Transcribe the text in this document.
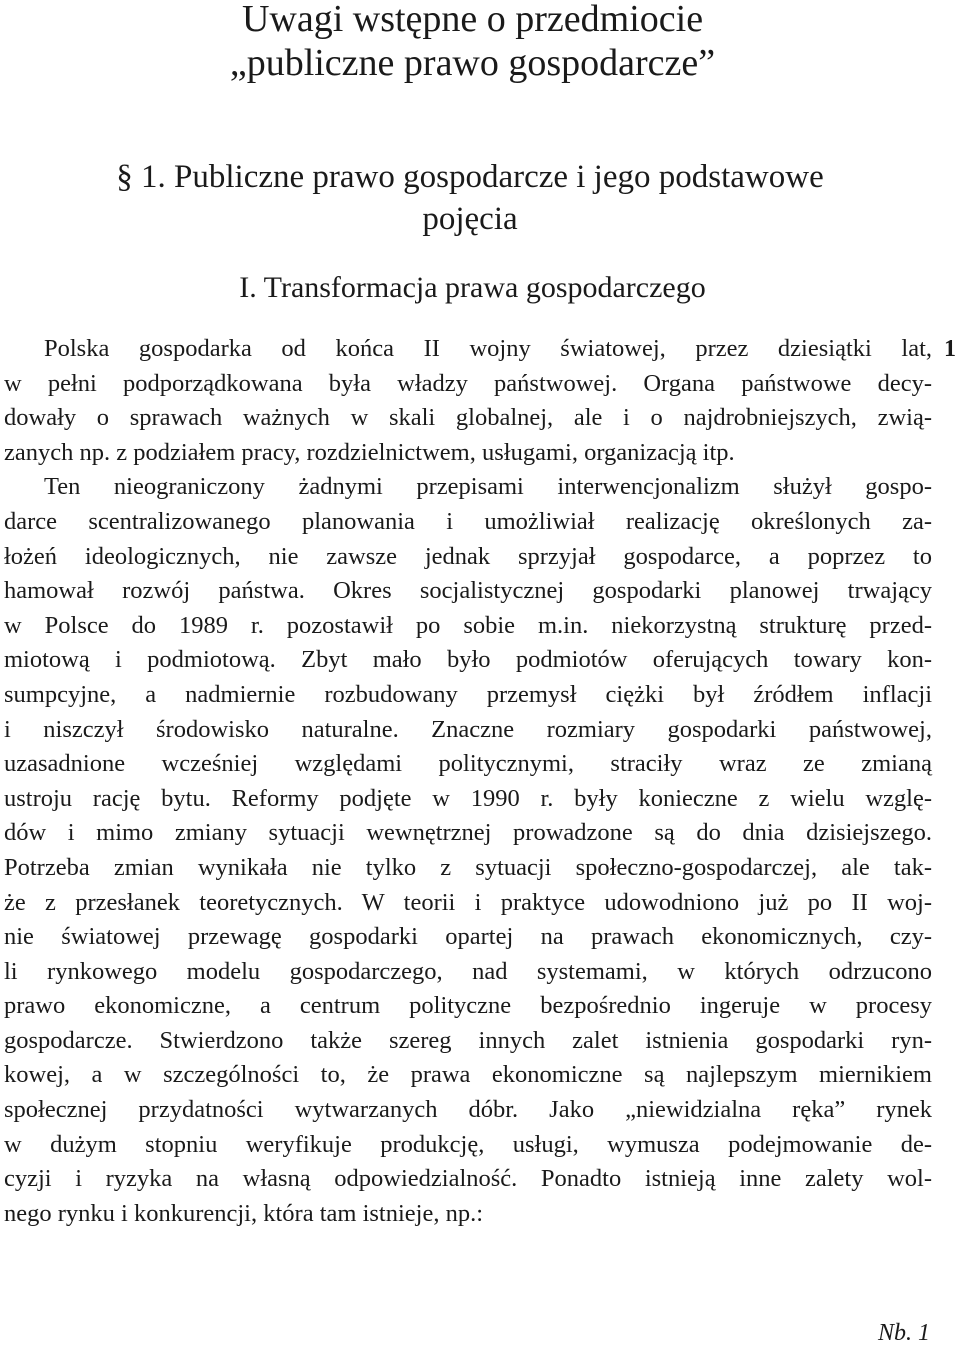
Uwagi wstępne o przedmiocie
„publiczne prawo gospodarcze”
§ 1. Publiczne prawo gospodarcze i jego podstawowe
pojęcia
I. Transformacja prawa gospodarczego
1
Polska gospodarka od końca II wojny światowej, przez dziesiątki lat,
w pełni podporządkowana była władzy państwowej. Organa państwowe decy-
dowały o sprawach ważnych w skali globalnej, ale i o najdrobniejszych, zwią-
zanych np. z podziałem pracy, rozdzielnictwem, usługami, organizacją itp.
Ten nieograniczony żadnymi przepisami interwencjonalizm służył gospo-
darce scentralizowanego planowania i umożliwiał realizację określonych za-
łożeń ideologicznych, nie zawsze jednak sprzyjał gospodarce, a poprzez to
hamował rozwój państwa. Okres socjalistycznej gospodarki planowej trwający
w Polsce do 1989 r. pozostawił po sobie m.in. niekorzystną strukturę przed-
miotową i podmiotową. Zbyt mało było podmiotów oferujących towary kon-
sumpcyjne, a nadmiernie rozbudowany przemysł ciężki był źródłem inflacji
i niszczył środowisko naturalne. Znaczne rozmiary gospodarki państwowej,
uzasadnione wcześniej względami politycznymi, straciły wraz ze zmianą
ustroju rację bytu. Reformy podjęte w 1990 r. były konieczne z wielu wzglę-
dów i mimo zmiany sytuacji wewnętrznej prowadzone są do dnia dzisiejszego.
Potrzeba zmian wynikała nie tylko z sytuacji społeczno-gospodarczej, ale tak-
że z przesłanek teoretycznych. W teorii i praktyce udowodniono już po II woj-
nie światowej przewagę gospodarki opartej na prawach ekonomicznych, czy-
li rynkowego modelu gospodarczego, nad systemami, w których odrzucono
prawo ekonomiczne, a centrum polityczne bezpośrednio ingeruje w procesy
gospodarcze. Stwierdzono także szereg innych zalet istnienia gospodarki ryn-
kowej, a w szczególności to, że prawa ekonomiczne są najlepszym miernikiem
społecznej przydatności wytwarzanych dóbr. Jako „niewidzialna ręka” rynek
w dużym stopniu weryfikuje produkcję, usługi, wymusza podejmowanie de-
cyzji i ryzyka na własną odpowiedzialność. Ponadto istnieją inne zalety wol-
nego rynku i konkurencji, która tam istnieje, np.:
Nb. 1
